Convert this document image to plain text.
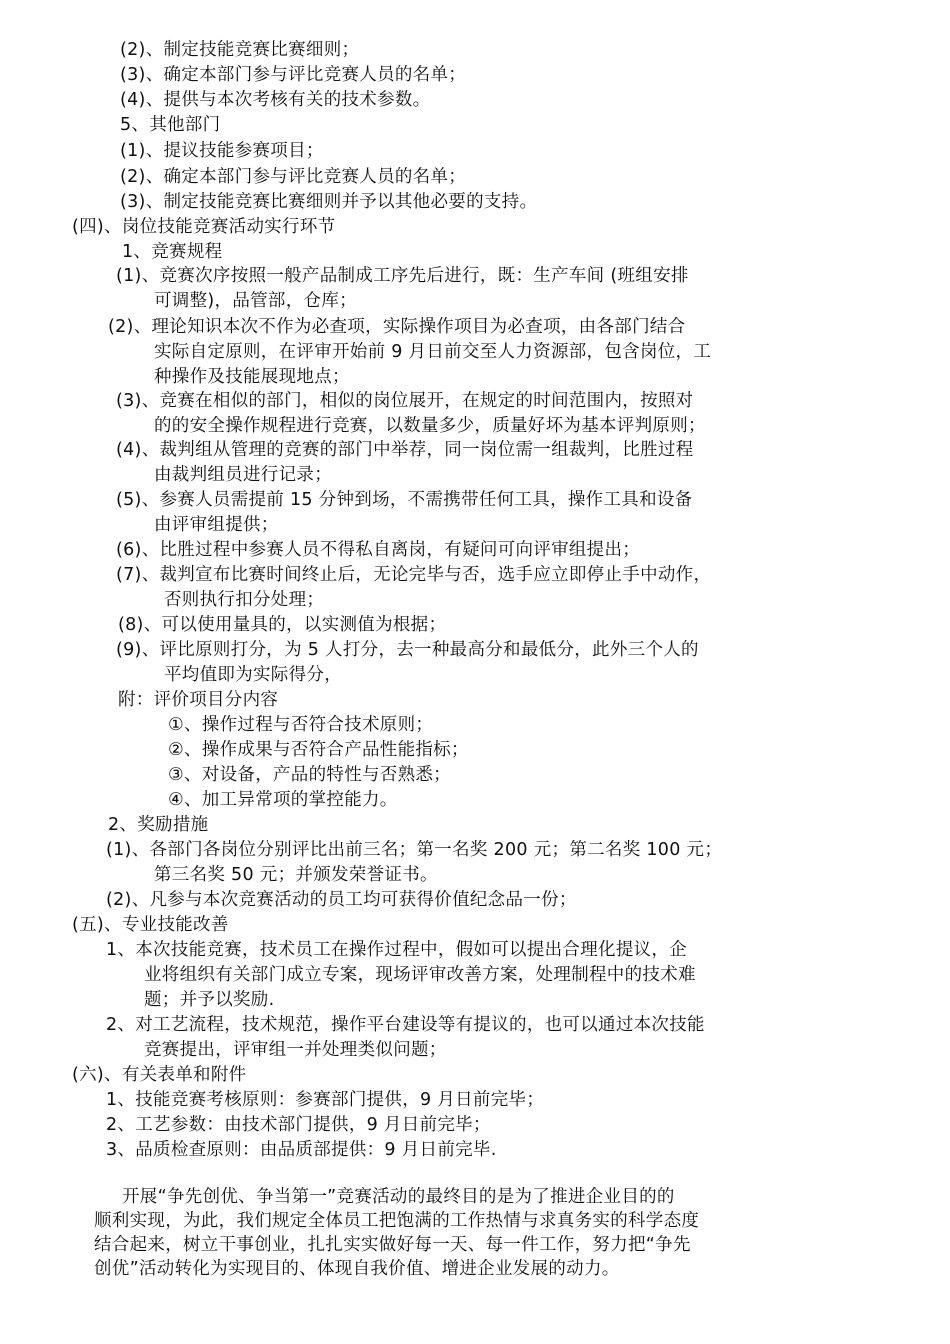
(2)、制定技能竞赛比赛细则；
(3)、确定本部门参与评比竞赛人员的名单；
(4)、提供与本次考核有关的技术参数。
5、其他部门
(1)、提议技能参赛项目；
(2)、确定本部门参与评比竞赛人员的名单；
(3)、制定技能竞赛比赛细则并予以其他必要的支持。
(四)、岗位技能竞赛活动实行环节
1、竞赛规程
(1)、竞赛次序按照一般产品制成工序先后进行，既：生产车间 (班组安排
可调整)，品管部，仓库；
(2)、理论知识本次不作为必查项，实际操作项目为必查项，由各部门结合
实际自定原则，在评审开始前 9 月日前交至人力资源部，包含岗位，工
种操作及技能展现地点；
(3)、竞赛在相似的部门，相似的岗位展开，在规定的时间范围内，按照对
的的安全操作规程进行竞赛，以数量多少，质量好坏为基本评判原则；
(4)、裁判组从管理的竞赛的部门中举荐，同一岗位需一组裁判，比胜过程
由裁判组员进行记录；
(5)、参赛人员需提前 15 分钟到场，不需携带任何工具，操作工具和设备
由评审组提供；
(6)、比胜过程中参赛人员不得私自离岗，有疑问可向评审组提出；
(7)、裁判宣布比赛时间终止后，无论完毕与否，选手应立即停止手中动作，
否则执行扣分处理；
(8)、可以使用量具的，以实测值为根据；
(9)、评比原则打分，为 5 人打分，去一种最高分和最低分，此外三个人的
平均值即为实际得分，
附：评价项目分内容
①、操作过程与否符合技术原则；
②、操作成果与否符合产品性能指标；
③、对设备，产品的特性与否熟悉；
④、加工异常项的掌控能力。
2、奖励措施
(1)、各部门各岗位分别评比出前三名；第一名奖 200 元；第二名奖 100 元；
第三名奖 50 元；并颁发荣誉证书。
(2)、凡参与本次竞赛活动的员工均可获得价值纪念品一份；
(五)、专业技能改善
1、本次技能竞赛，技术员工在操作过程中，假如可以提出合理化提议，企
业将组织有关部门成立专案，现场评审改善方案，处理制程中的技术难
题；并予以奖励.
2、对工艺流程，技术规范，操作平台建设等有提议的，也可以通过本次技能
竞赛提出，评审组一并处理类似问题；
(六)、有关表单和附件
1、技能竞赛考核原则：参赛部门提供，9 月日前完毕；
2、工艺参数：由技术部门提供，9 月日前完毕；
3、品质检查原则：由品质部提供：9 月日前完毕.
开展“争先创优、争当第一”竞赛活动的最终目的是为了推进企业目的的
顺利实现，为此，我们规定全体员工把饱满的工作热情与求真务实的科学态度
结合起来，树立干事创业，扎扎实实做好每一天、每一件工作，努力把“争先
创优”活动转化为实现目的、体现自我价值、增进企业发展的动力。
